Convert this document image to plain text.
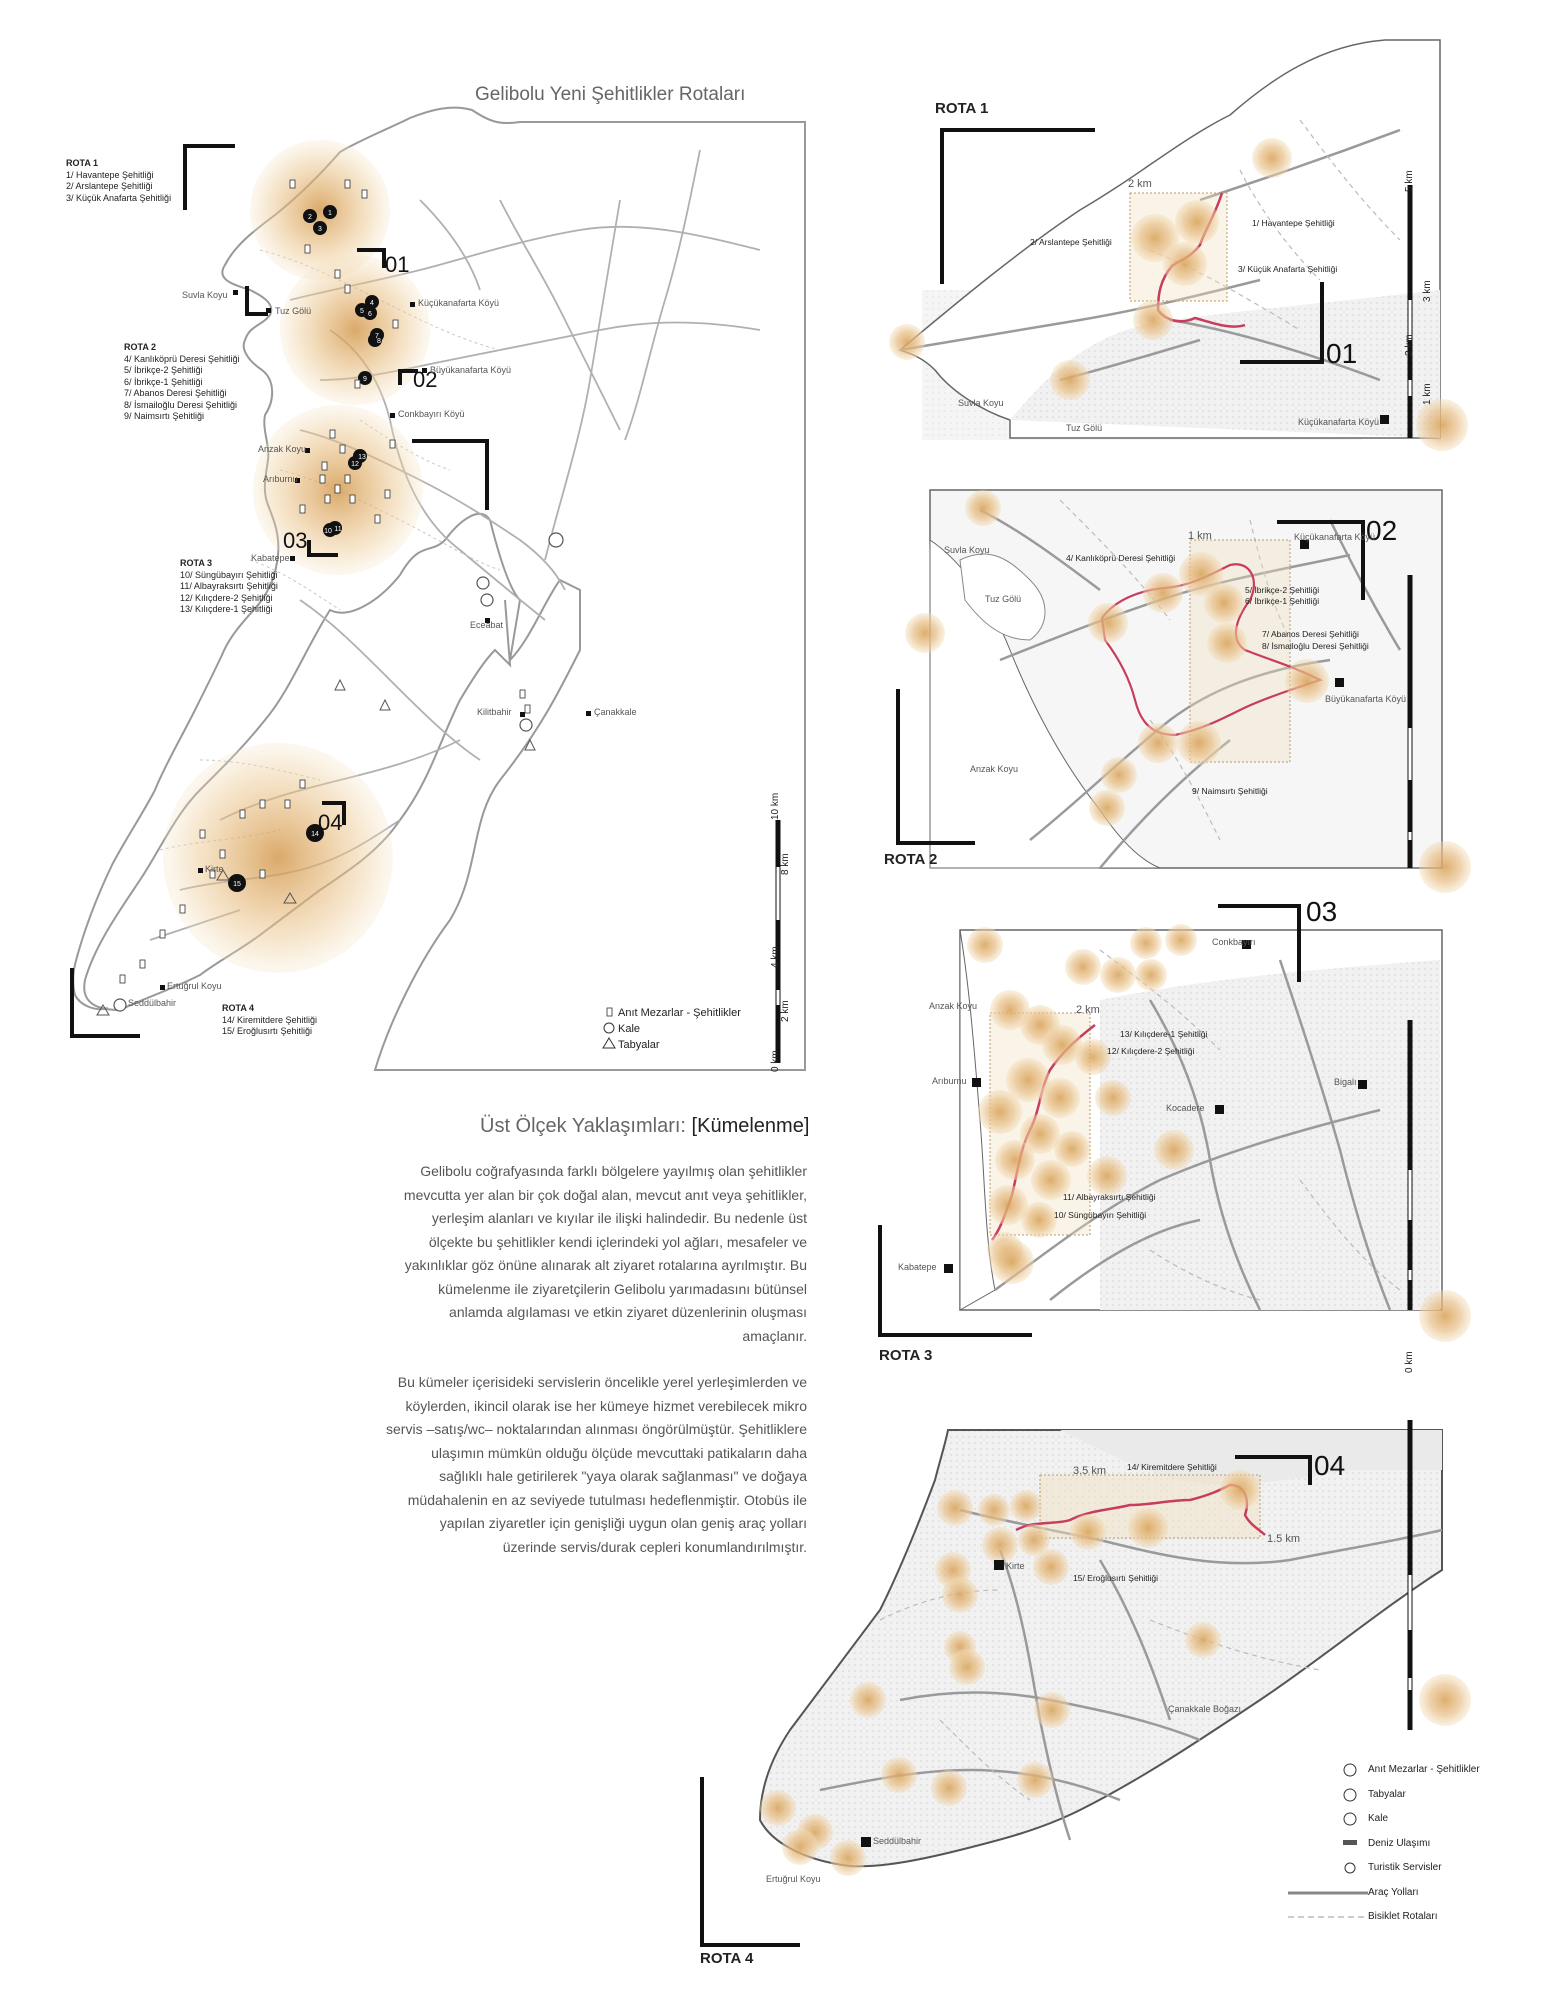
1
2
3
4
5 6
7
8
9
10 11
12
13
14
15
Gelibolu Yeni Şehitlikler Rotaları
ROTA 1
1/ Havantepe Şehitliği
2/ Arslantepe Şehitliği
3/ Küçük Anafarta Şehitliği
ROTA 2
4/ Kanlıköprü Deresi Şehitliği
5/ İbrikçe-2 Şehitliği
6/ İbrikçe-1 Şehitliği
7/ Abanos Deresi Şehitliği
8/ İsmailoğlu Deresi Şehitliği
9/ Naimsırtı Şehitliği
ROTA 3
10/ Süngübayırı Şehitliği
11/ Albayraksırtı Şehitliği
12/ Kılıçdere-2 Şehitliği
13/ Kılıçdere-1 Şehitliği
ROTA 4
14/ Kiremitdere Şehitliği
15/ Eroğlusırtı Şehitliği
01
02
03
04
Suvla Koyu
Tuz Gölü
Küçükanafarta Köyü
Büyükanafarta Köyü
Conkbayırı Köyü
Anzak Koyu
Arıburnu
Kabatepe
Eceabat
Kilitbahir	Çanakkale
Kirte
Ertuğrul Koyu
Seddülbahir
10 km
8 km
4 km
2 km
0 km
Anıt Mezarlar - Şehitlikler
Kale
Tabyalar
Üst Ölçek Yaklaşımları: [Kümelenme]

Gelibolu coğrafyasında farklı bölgelere yayılmış olan şehitlikler mevcutta yer alan bir çok doğal alan, mevcut anıt veya şehitlikler, yerleşim alanları ve kıyılar ile ilişki halindedir. Bu nedenle üst ölçekte bu şehitlikler kendi içlerindeki yol ağları, mesafeler ve yakınlıklar göz önüne alınarak alt ziyaret rotalarına ayrılmıştır. Bu kümelenme ile ziyaretçilerin Gelibolu yarımadasını bütünsel anlamda algılaması ve etkin ziyaret düzenlerinin oluşması amaçlanır.

Bu kümeler içerisideki servislerin öncelikle yerel yerleşimlerden ve köylerden, ikincil olarak ise her kümeye hizmet verebilecek mikro servis –satış/wc– noktalarından alınması öngörülmüştür. Şehitliklere ulaşımın mümkün olduğu ölçüde mevcuttaki patikaların daha sağlıklı hale getirilerek "yaya olarak sağlanması" ve doğaya müdahalenin en az seviyede tutulması hedeflenmiştir. Otobüs ile yapılan ziyaretler için genişliği uygun olan geniş araç yolları üzerinde servis/durak cepleri konumlandırılmıştır.

ROTA 1
01
2 km
1/ Havantepe Şehitliği
2/ Arslantepe Şehitliği
3/ Küçük Anafarta Şehitliği
Suvla Koyu
Tuz Gölü
Küçükanafarta Köyü
ROTA 2
02
1 km
4/ Kanlıköprü Deresi Şehitliği
5/ İbrikçe-2 Şehitliği
6/ İbrikçe-1 Şehitliği
7/ Abanos Deresi Şehitliği
8/ İsmailoğlu Deresi Şehitliği
9/ Naimsırtı Şehitliği
Suvla Koyu
Tuz Gölü
Küçükanafarta Köyü
Büyükanafarta Köyü
Anzak Koyu
ROTA 3
03
2 km
13/ Kılıçdere-1 Şehitliği
12/ Kılıçdere-2 Şehitliği
11/ Albayraksırtı Şehitliği
10/ Süngübayırı Şehitliği
Conkbayırı
Anzak Koyu
Arıburnu
Kocadere
Bigalı
Kabatepe
ROTA 4
04
3.5 km
1.5 km
14/ Kiremitdere Şehitliği
15/ Eroğlusırtı Şehitliği
Kirte
Çanakkale Boğazı
Seddülbahir
Ertuğrul Koyu
5 km
3 km
2 km
1 km
0 km
Anıt Mezarlar - Şehitlikler
Tabyalar
Kale
Deniz Ulaşımı
Turistik Servisler
Araç Yolları
Bisiklet Rotaları
